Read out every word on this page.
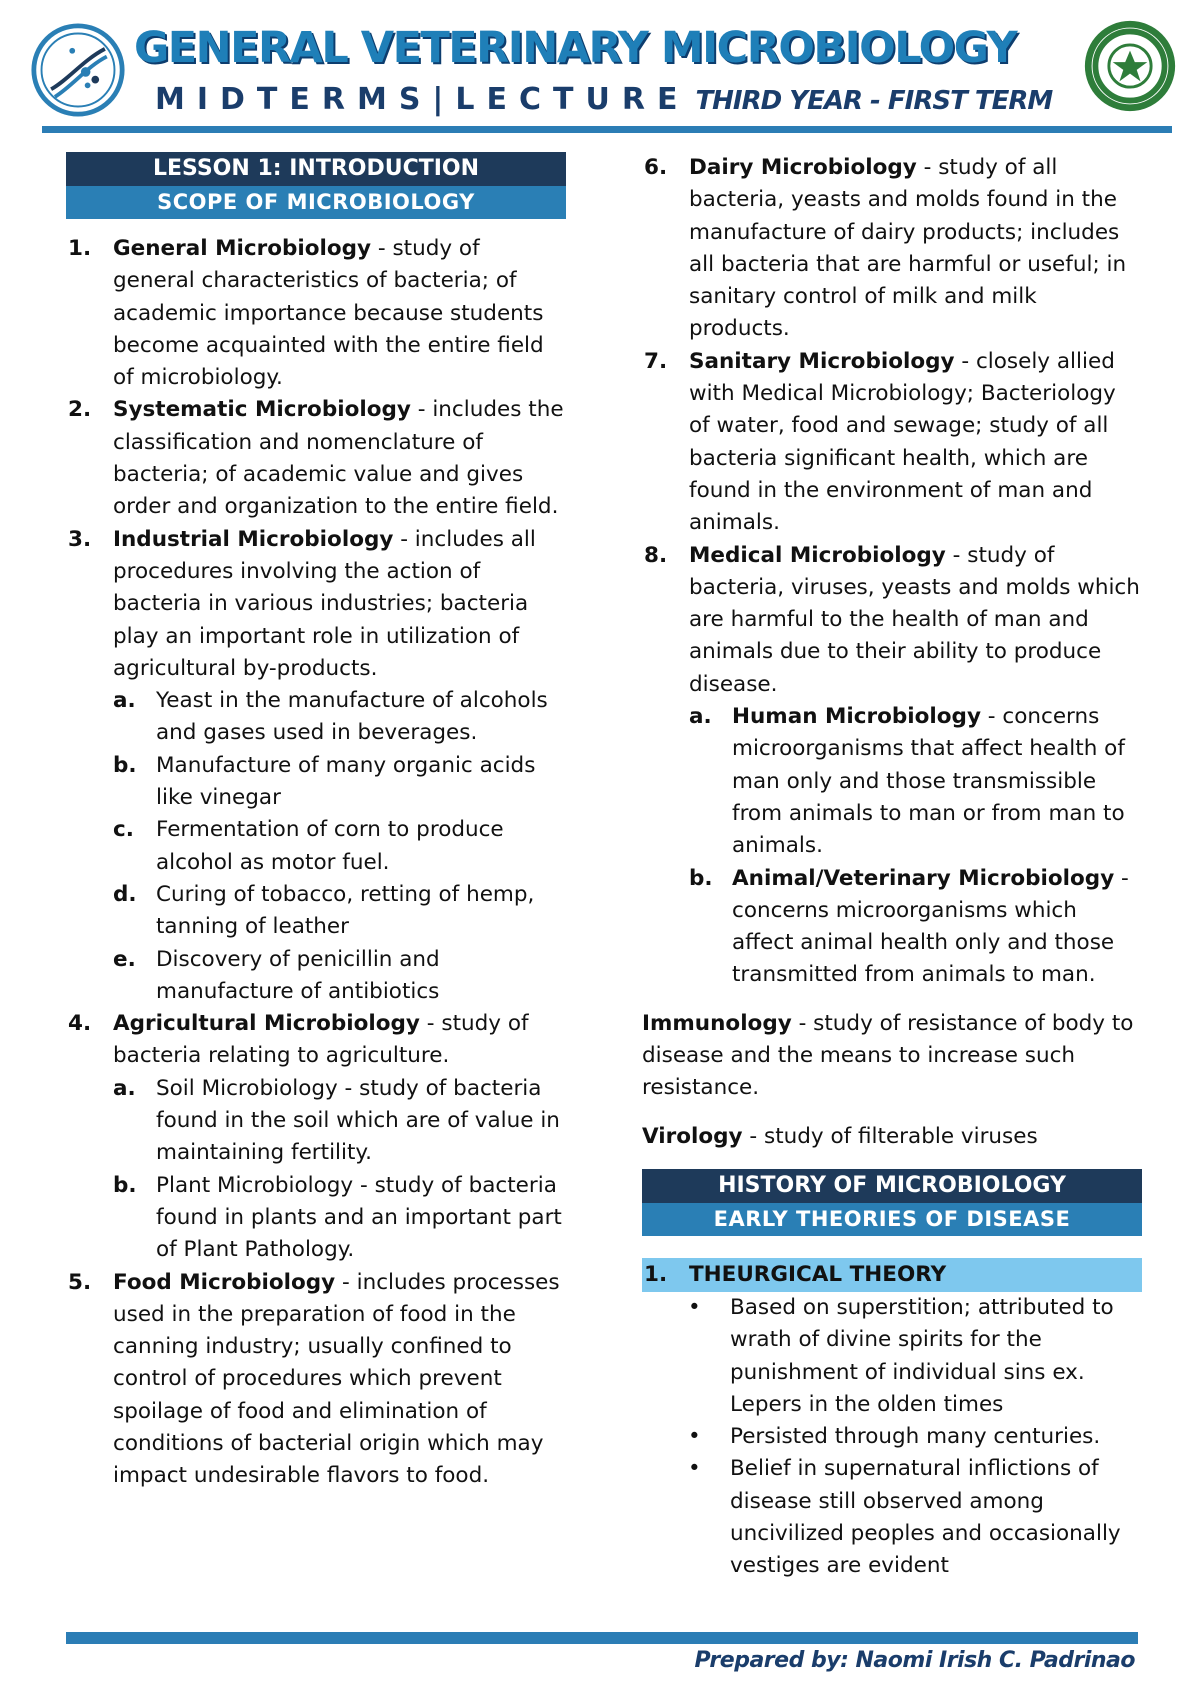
GENERAL VETERINARY MICROBIOLOGY
MIDTERMS|LECTURE THIRD YEAR - FIRST TERM
LESSON 1: INTRODUCTION
SCOPE OF MICROBIOLOGY
1. General Microbiology - study of general characteristics of bacteria; of academic importance because students become acquainted with the entire field of microbiology.
2. Systematic Microbiology - includes the classification and nomenclature of bacteria; of academic value and gives order and organization to the entire field.
3. Industrial Microbiology - includes all procedures involving the action of bacteria in various industries; bacteria play an important role in utilization of agricultural by-products.
a. Yeast in the manufacture of alcohols and gases used in beverages.
b. Manufacture of many organic acids like vinegar
c. Fermentation of corn to produce alcohol as motor fuel.
d. Curing of tobacco, retting of hemp, tanning of leather
e. Discovery of penicillin and manufacture of antibiotics
4. Agricultural Microbiology - study of bacteria relating to agriculture.
a. Soil Microbiology - study of bacteria found in the soil which are of value in maintaining fertility.
b. Plant Microbiology - study of bacteria found in plants and an important part of Plant Pathology.
5. Food Microbiology - includes processes used in the preparation of food in the canning industry; usually confined to control of procedures which prevent spoilage of food and elimination of conditions of bacterial origin which may impact undesirable flavors to food.
6. Dairy Microbiology - study of all bacteria, yeasts and molds found in the manufacture of dairy products; includes all bacteria that are harmful or useful; in sanitary control of milk and milk products.
7. Sanitary Microbiology - closely allied with Medical Microbiology; Bacteriology of water, food and sewage; study of all bacteria significant health, which are found in the environment of man and animals.
8. Medical Microbiology - study of bacteria, viruses, yeasts and molds which are harmful to the health of man and animals due to their ability to produce disease.
a. Human Microbiology - concerns microorganisms that affect health of man only and those transmissible from animals to man or from man to animals.
b. Animal/Veterinary Microbiology - concerns microorganisms which affect animal health only and those transmitted from animals to man.

Immunology - study of resistance of body to disease and the means to increase such resistance.

Virology - study of filterable viruses

HISTORY OF MICROBIOLOGY
EARLY THEORIES OF DISEASE
1. THEURGICAL THEORY
• Based on superstition; attributed to wrath of divine spirits for the punishment of individual sins ex. Lepers in the olden times
• Persisted through many centuries.
• Belief in supernatural inflictions of disease still observed among uncivilized peoples and occasionally vestiges are evident
Prepared by: Naomi Irish C. Padrinao
